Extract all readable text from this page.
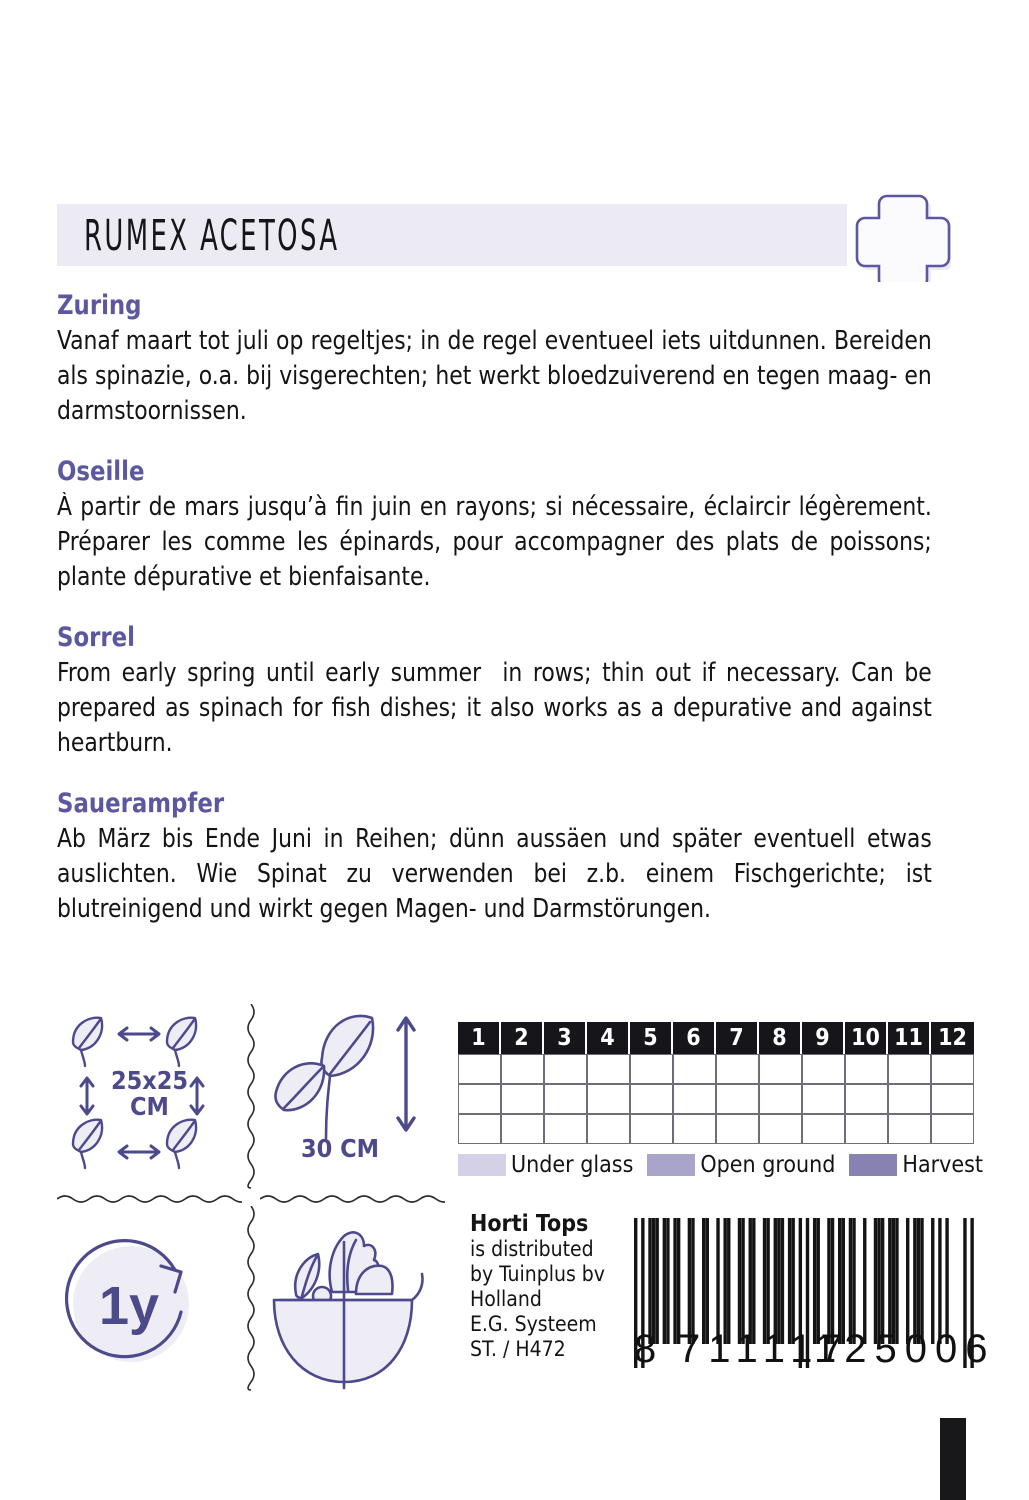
RUMEX ACETOSA
Zuring

Vanaf maart tot juli op regeltjes; in de regel eventueel iets uitdunnen. Bereiden als spinazie, o.a. bij visgerechten; het werkt bloedzuiverend en tegen maag- en darmstoornissen.

Oseille

À partir de mars jusqu’à fin juin en rayons; si nécessaire, éclaircir légèrement. Préparer les comme les épinards, pour accompagner des plats de poissons; plante dépurative et bienfaisante.

Sorrel

From early spring until early summer  in rows; thin out if necessary. Can be prepared as spinach for fish dishes; it also works as a depurative and against heartburn.

Sauerampfer

Ab März bis Ende Juni in Reihen; dünn aussäen und später eventuell etwas auslichten. Wie Spinat zu verwenden bei z.b. einem Fischgerichte; ist blutreinigend und wirkt gegen Magen- und Darmstörungen.

25x25
CM
30 CM
1y
1	2	3	4	5	6	7	8	9	10	11	12

Under glass	Open ground	Harvest
Horti Tops
is distributed
by Tuinplus bv
Holland
E.G. Systeem
ST. / H472	8 711117
125006
